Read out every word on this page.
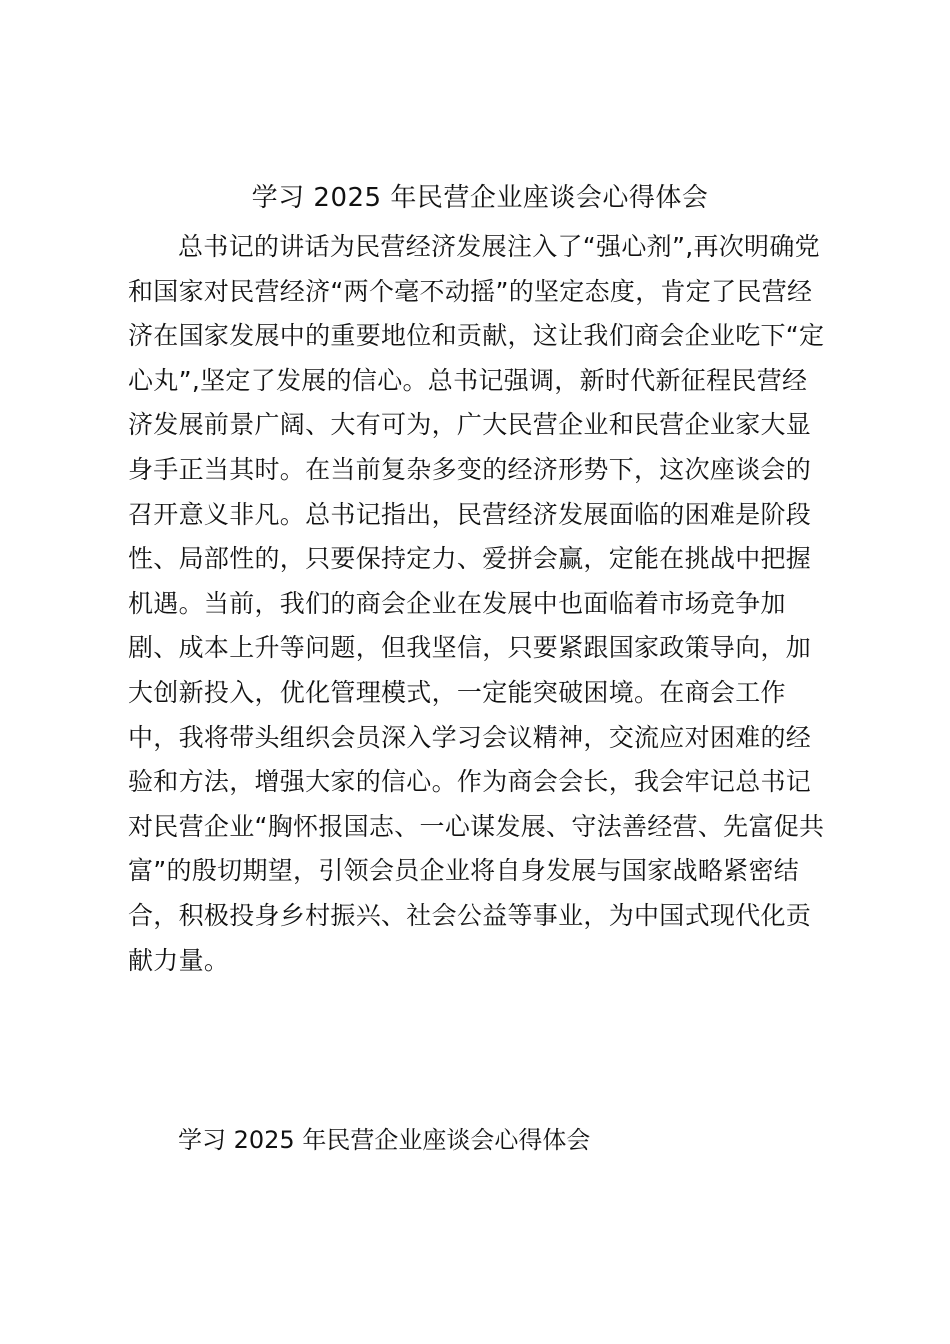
学习 2025 年民营企业座谈会心得体会
总书记的讲话为民营经济发展注入了“强心剂”,再次明确党
和国家对民营经济“两个毫不动摇”的坚定态度，肯定了民营经
济在国家发展中的重要地位和贡献，这让我们商会企业吃下“定
心丸”,坚定了发展的信心。总书记强调，新时代新征程民营经
济发展前景广阔、大有可为，广大民营企业和民营企业家大显
身手正当其时。在当前复杂多变的经济形势下，这次座谈会的
召开意义非凡。总书记指出，民营经济发展面临的困难是阶段
性、局部性的，只要保持定力、爱拼会赢，定能在挑战中把握
机遇。当前，我们的商会企业在发展中也面临着市场竞争加
剧、成本上升等问题，但我坚信，只要紧跟国家政策导向，加
大创新投入，优化管理模式，一定能突破困境。在商会工作
中，我将带头组织会员深入学习会议精神，交流应对困难的经
验和方法，增强大家的信心。作为商会会长，我会牢记总书记
对民营企业“胸怀报国志、一心谋发展、守法善经营、先富促共
富”的殷切期望，引领会员企业将自身发展与国家战略紧密结
合，积极投身乡村振兴、社会公益等事业，为中国式现代化贡
献力量。
学习 2025 年民营企业座谈会心得体会
